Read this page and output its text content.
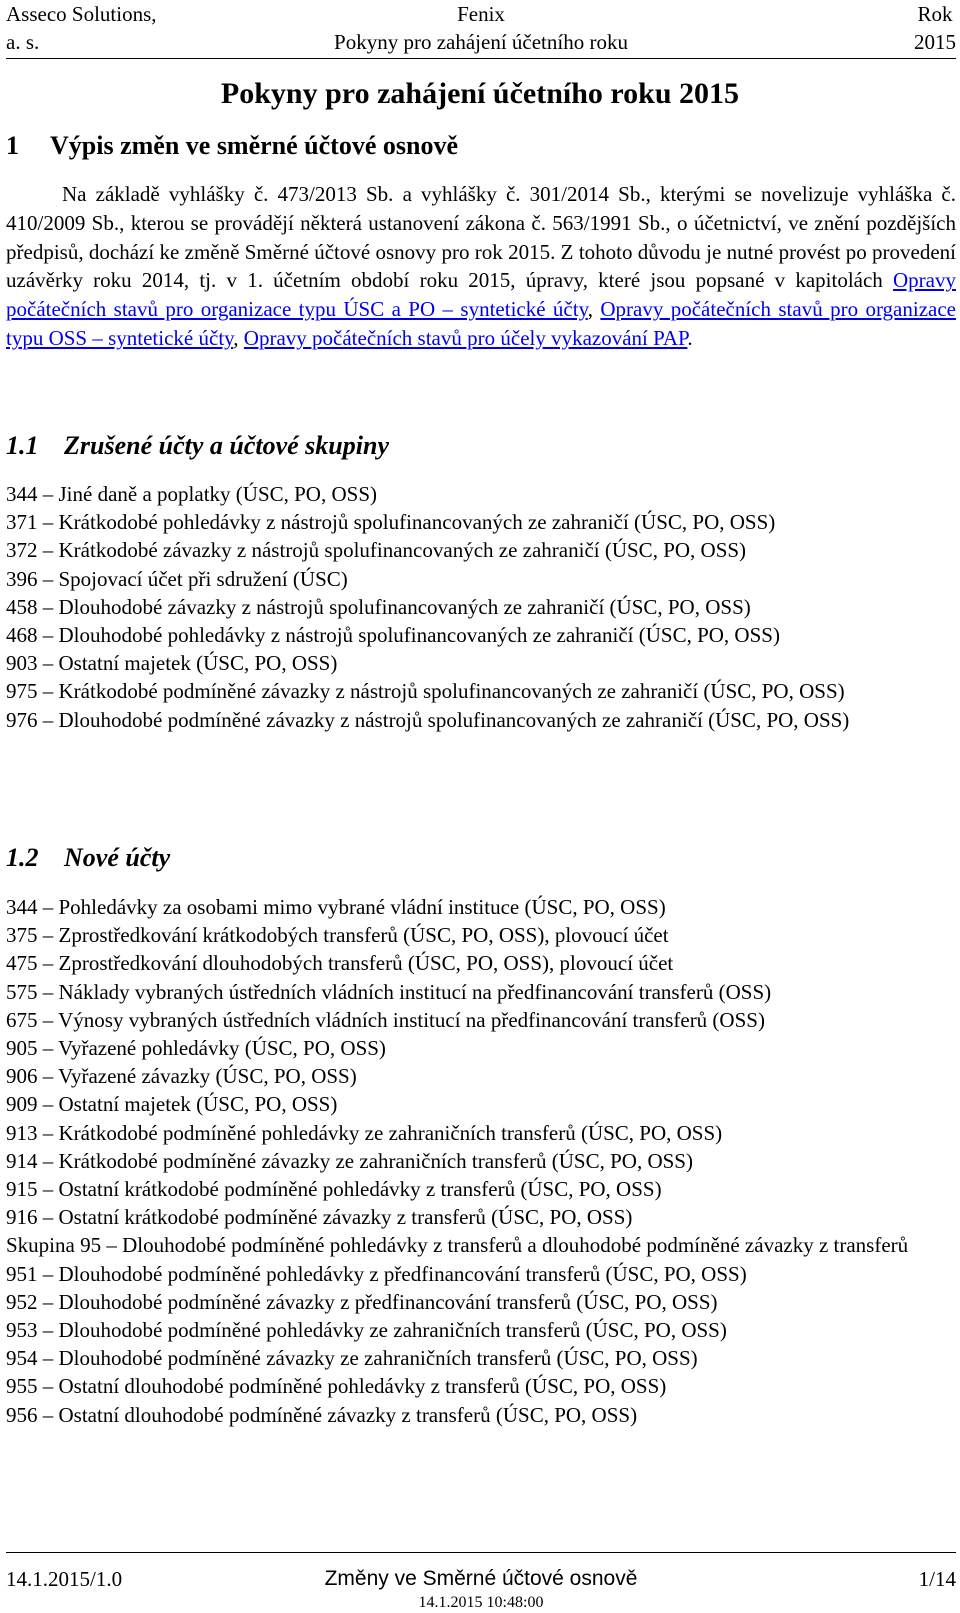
Asseco Solutions,
a. s.
Fenix
Pokyny pro zahájení účetního roku
Rok
2015
Pokyny pro zahájení účetního roku 2015
1 Výpis změn ve směrné účtové osnově

Na základě vyhlášky č. 473/2013 Sb. a vyhlášky č. 301/2014 Sb., kterými se novelizuje vyhláška č. 410/2009 Sb., kterou se provádějí některá ustanovení zákona č. 563/1991 Sb., o účetnictví, ve znění pozdějších předpisů, dochází ke změně Směrné účtové osnovy pro rok 2015. Z tohoto důvodu je nutné provést po provedení uzávěrky roku 2014, tj. v 1. účetním období roku 2015, úpravy, které jsou popsané v kapitolách Opravy počátečních stavů pro organizace typu ÚSC a PO – syntetické účty, Opravy počátečních stavů pro organizace typu OSS – syntetické účty, Opravy počátečních stavů pro účely vykazování PAP.

1.1 Zrušené účty a účtové skupiny
344 – Jiné daně a poplatky (ÚSC, PO, OSS)
371 – Krátkodobé pohledávky z nástrojů spolufinancovaných ze zahraničí (ÚSC, PO, OSS)
372 – Krátkodobé závazky z nástrojů spolufinancovaných ze zahraničí (ÚSC, PO, OSS)
396 – Spojovací účet při sdružení (ÚSC)
458 – Dlouhodobé závazky z nástrojů spolufinancovaných ze zahraničí (ÚSC, PO, OSS)
468 – Dlouhodobé pohledávky z nástrojů spolufinancovaných ze zahraničí (ÚSC, PO, OSS)
903 – Ostatní majetek (ÚSC, PO, OSS)
975 – Krátkodobé podmíněné závazky z nástrojů spolufinancovaných ze zahraničí (ÚSC, PO, OSS)
976 – Dlouhodobé podmíněné závazky z nástrojů spolufinancovaných ze zahraničí (ÚSC, PO, OSS)
1.2 Nové účty
344 – Pohledávky za osobami mimo vybrané vládní instituce (ÚSC, PO, OSS)
375 – Zprostředkování krátkodobých transferů (ÚSC, PO, OSS), plovoucí účet
475 – Zprostředkování dlouhodobých transferů (ÚSC, PO, OSS), plovoucí účet
575 – Náklady vybraných ústředních vládních institucí na předfinancování transferů (OSS)
675 – Výnosy vybraných ústředních vládních institucí na předfinancování transferů (OSS)
905 – Vyřazené pohledávky (ÚSC, PO, OSS)
906 – Vyřazené závazky (ÚSC, PO, OSS)
909 – Ostatní majetek (ÚSC, PO, OSS)
913 – Krátkodobé podmíněné pohledávky ze zahraničních transferů (ÚSC, PO, OSS)
914 – Krátkodobé podmíněné závazky ze zahraničních transferů (ÚSC, PO, OSS)
915 – Ostatní krátkodobé podmíněné pohledávky z transferů (ÚSC, PO, OSS)
916 – Ostatní krátkodobé podmíněné závazky z transferů (ÚSC, PO, OSS)
Skupina 95 – Dlouhodobé podmíněné pohledávky z transferů a dlouhodobé podmíněné závazky z transferů
951 – Dlouhodobé podmíněné pohledávky z předfinancování transferů (ÚSC, PO, OSS)
952 – Dlouhodobé podmíněné závazky z předfinancování transferů (ÚSC, PO, OSS)
953 – Dlouhodobé podmíněné pohledávky ze zahraničních transferů (ÚSC, PO, OSS)
954 – Dlouhodobé podmíněné závazky ze zahraničních transferů (ÚSC, PO, OSS)
955 – Ostatní dlouhodobé podmíněné pohledávky z transferů (ÚSC, PO, OSS)
956 – Ostatní dlouhodobé podmíněné závazky z transferů (ÚSC, PO, OSS)
14.1.2015/1.0	Změny ve Směrné účtové osnově	1/14
14.1.2015 10:48:00
